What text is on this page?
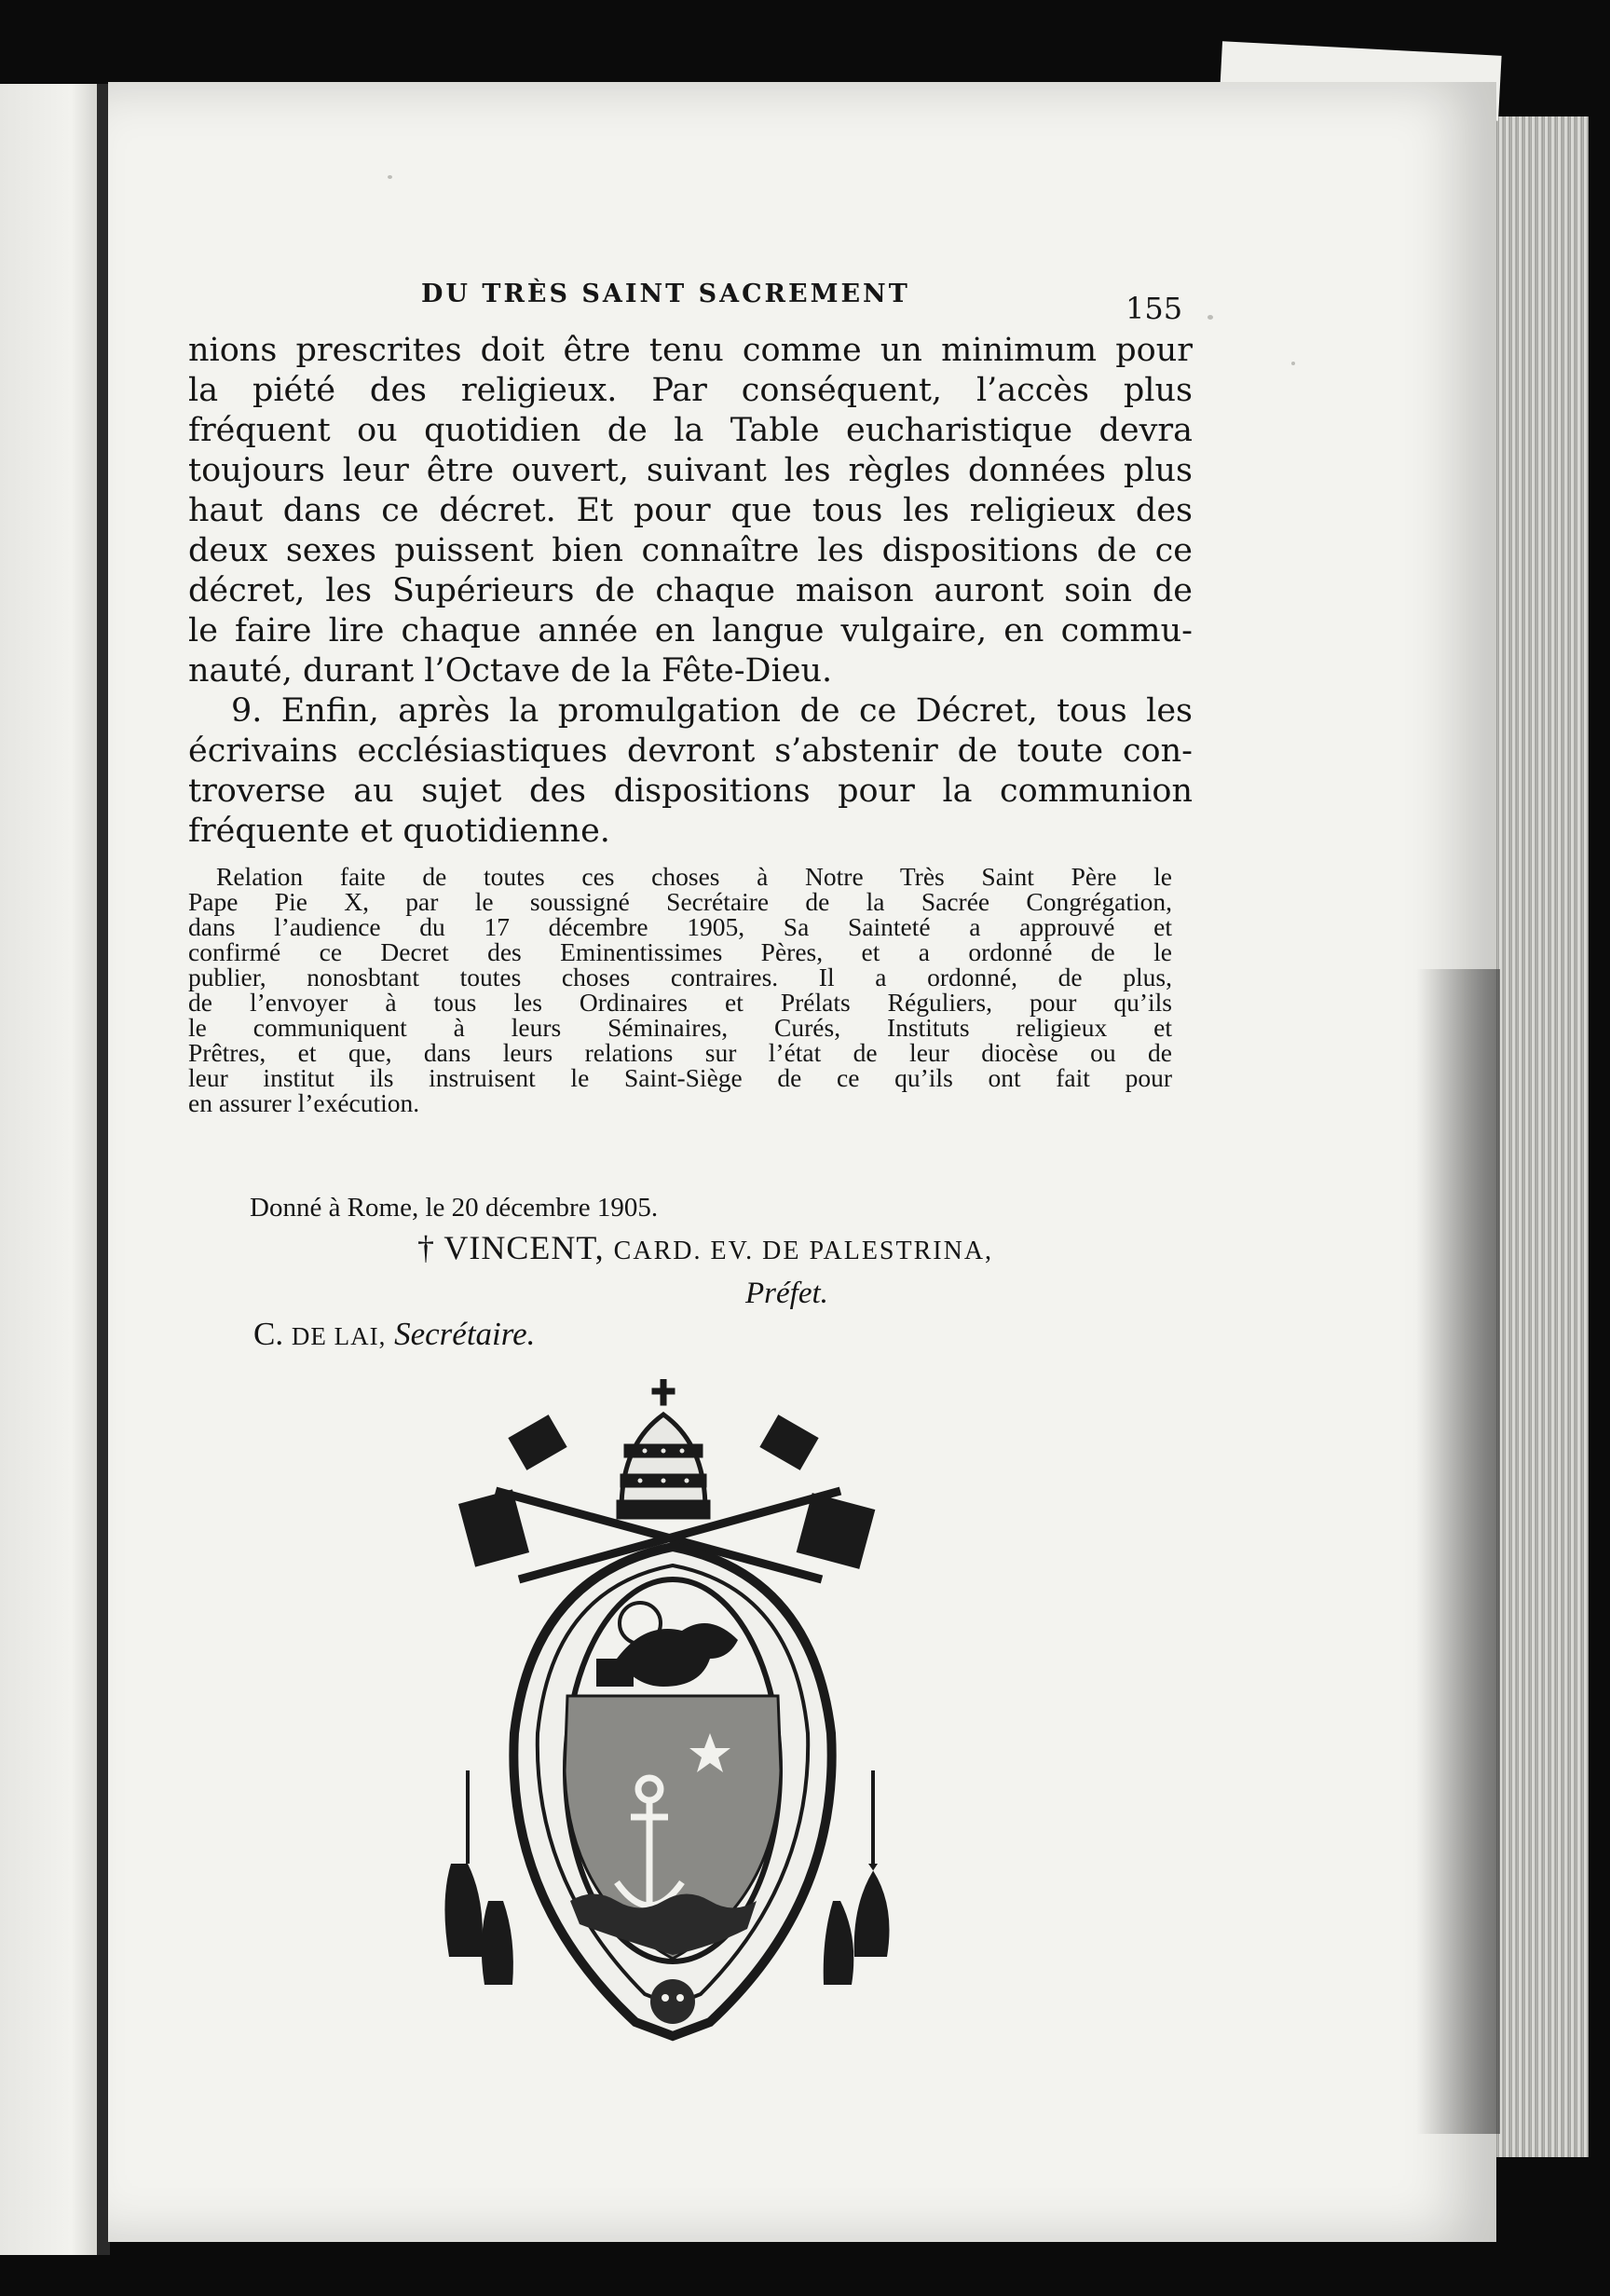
DU TRÈS SAINT SACREMENT	155
nions prescrites doit être tenu comme un minimum pour
la piété des religieux. Par conséquent, l’accès plus
fréquent ou quotidien de la Table eucharistique devra
toujours leur être ouvert, suivant les règles données plus
haut dans ce décret. Et pour que tous les religieux des
deux sexes puissent bien connaître les dispositions de ce
décret, les Supérieurs de chaque maison auront soin de
le faire lire chaque année en langue vulgaire, en commu-
nauté, durant l’Octave de la Fête-Dieu.
9. Enfin, après la promulgation de ce Décret, tous les
écrivains ecclésiastiques devront s’abstenir de toute con-
troverse au sujet des dispositions pour la communion
fréquente et quotidienne.
Relation faite de toutes ces choses à Notre Très Saint Père le
Pape Pie X, par le soussigné Secrétaire de la Sacrée Congrégation,
dans l’audience du 17 décembre 1905, Sa Sainteté a approuvé et
confirmé ce Decret des Eminentissimes Pères, et a ordonné de le
publier, nonosbtant toutes choses contraires. Il a ordonné, de plus,
de l’envoyer à tous les Ordinaires et Prélats Réguliers, pour qu’ils
le communiquent à leurs Séminaires, Curés, Instituts religieux et
Prêtres, et que, dans leurs relations sur l’état de leur diocèse ou de
leur institut ils instruisent le Saint-Siège de ce qu’ils ont fait pour
en assurer l’exécution.
Donné à Rome, le 20 décembre 1905.
† VINCENT, CARD. EV. DE PALESTRINA,
Préfet.
C. DE LAI, Secrétaire.
